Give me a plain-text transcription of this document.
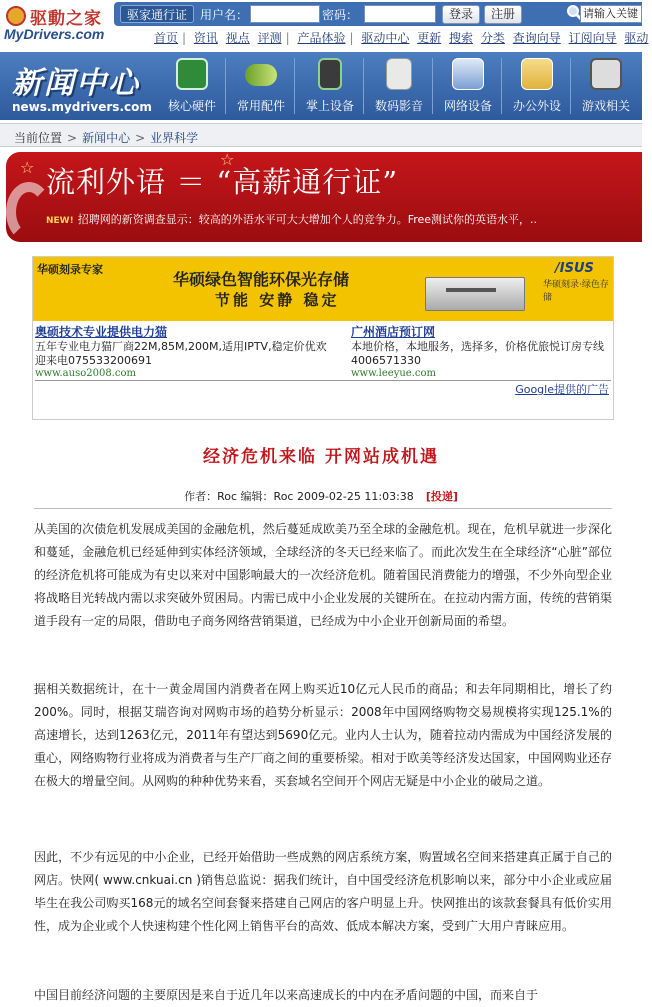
驱動之家
MyDrivers.com
驱家通行证	用户名：	密码：	登录	注册	请输入关键
首页 | 资讯 视点 评测 | 产品体验 | 驱动中心 更新 搜索 分类 查询向导 订阅向导 驱动
新闻中心
news.mydrivers.com	核心硬件	常用配件	掌上设备	数码影音	网络设备	办公外设	游戏相关
当前位置 > 新闻中心 > 业界科学
☆	☆
流利外语 ＝ “高薪通行证”
NEW! 招聘网的新资调查显示：较高的外语水平可大大增加个人的竞争力。Free测试你的英语水平，..
华硕刻录专家
华硕绿色智能环保光存储
节能 安静 稳定
/ISUS
华硕刻录·绿色存储
奥硕技术专业提供电力猫
五年专业电力猫厂商22M,85M,200M,适用IPTV,稳定价优欢迎来电075533200691
www.auso2008.com
广州酒店预订网
本地价格，本地服务，选择多，价格优旅悦订房专线4006571330
www.leeyue.com
Google提供的广告
经济危机来临 开网站成机遇
作者：Roc 编辑：Roc 2009-02-25 11:03:38 [投递]
从美国的次债危机发展成美国的金融危机，然后蔓延成欧美乃至全球的金融危机。现在，危机早就进一步深化和蔓延，金融危机已经延伸到实体经济领域，全球经济的冬天已经来临了。而此次发生在全球经济“心脏”部位的经济危机将可能成为有史以来对中国影响最大的一次经济危机。随着国民消费能力的增强，不少外向型企业将战略目光转战内需以求突破外贸困局。内需已成中小企业发展的关键所在。在拉动内需方面，传统的营销渠道手段有一定的局限，借助电子商务网络营销渠道，已经成为中小企业开创新局面的希望。
据相关数据统计，在十一黄金周国内消费者在网上购买近10亿元人民币的商品；和去年同期相比，增长了约200%。同时，根据艾瑞咨询对网购市场的趋势分析显示：2008年中国网络购物交易规模将实现125.1%的高速增长，达到1263亿元，2011年有望达到5690亿元。业内人士认为，随着拉动内需成为中国经济发展的重心，网络购物行业将成为消费者与生产厂商之间的重要桥梁。相对于欧美等经济发达国家，中国网购业还存在极大的增量空间。从网购的种种优势来看，买套域名空间开个网店无疑是中小企业的破局之道。
因此，不少有远见的中小企业，已经开始借助一些成熟的网店系统方案，购置域名空间来搭建真正属于自己的网店。快网( www.cnkuai.cn )销售总监说：据我们统计，自中国受经济危机影响以来，部分中小企业或应届毕生在我公司购买168元的域名空间套餐来搭建自己网店的客户明显上升。快网推出的该款套餐具有低价实用性，成为企业或个人快速构建个性化网上销售平台的高效、低成本解决方案，受到广大用户青睐应用。
中国目前经济问题的主要原因是来自于近几年以来高速成长的中内在矛盾问题的中国，而来自于
